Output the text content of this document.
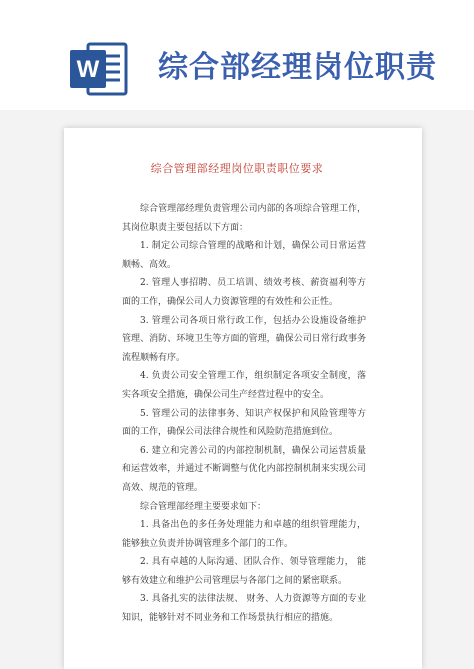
W 综合部经理岗位职责
综合管理部经理岗位职责职位要求

综合管理部经理负责管理公司内部的各项综合管理工作，其岗位职责主要包括以下方面：

1. 制定公司综合管理的战略和计划，确保公司日常运营顺畅、高效。

2. 管理人事招聘、员工培训、绩效考核、薪资福利等方面的工作，确保公司人力资源管理的有效性和公正性。

3. 管理公司各项日常行政工作，包括办公设施设备维护管理、消防、环境卫生等方面的管理，确保公司日常行政事务流程顺畅有序。

4. 负责公司安全管理工作，组织制定各项安全制度，落实各项安全措施，确保公司生产经营过程中的安全。

5. 管理公司的法律事务、知识产权保护和风险管理等方面的工作，确保公司法律合规性和风险防范措施到位。

6. 建立和完善公司的内部控制机制，确保公司运营质量和运营效率，并通过不断调整与优化内部控制机制来实现公司高效、规范的管理。

综合管理部经理主要要求如下：

1. 具备出色的多任务处理能力和卓越的组织管理能力， 能够独立负责并协调管理多个部门的工作。

2. 具有卓越的人际沟通、团队合作、领导管理能力， 能够有效建立和维护公司管理层与各部门之间的紧密联系。

3. 具备扎实的法律法规、 财务、人力资源等方面的专业知识，能够针对不同业务和工作场景执行相应的措施。
